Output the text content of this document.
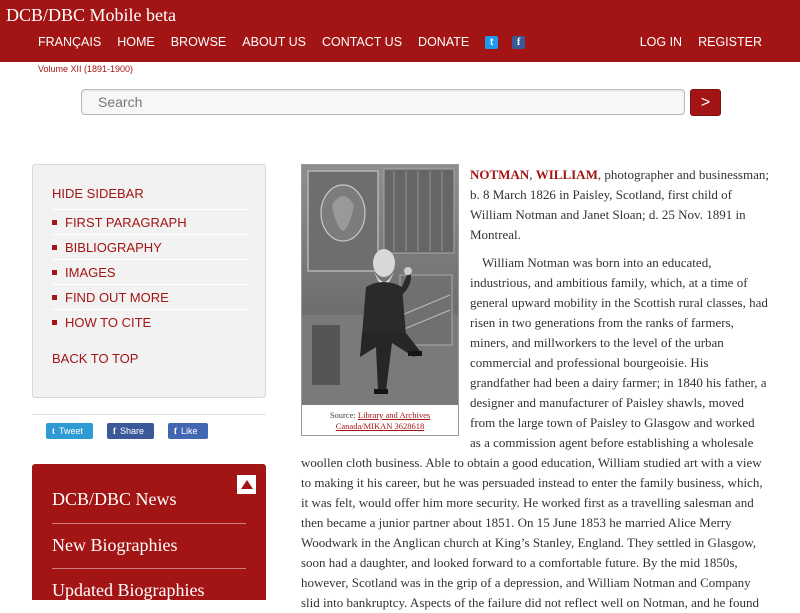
DCB/DBC Mobile beta
FRANÇAIS HOME BROWSE ABOUT US CONTACT US DONATE	t	f	LOG IN REGISTER
Volume XII (1891-1900)
Search
>
HIDE SIDEBAR
FIRST PARAGRAPH
BIBLIOGRAPHY
IMAGES
FIND OUT MORE
HOW TO CITE
BACK TO TOP
t Tweet	f Share	f Like
DCB/DBC News
New Biographies
Updated Biographies
Source: Library and Archives
Canada/MIKAN 3628618
NOTMAN, WILLIAM, photographer and businessman;
b. 8 March 1826 in Paisley, Scotland, first child of
William Notman and Janet Sloan; d. 25 Nov. 1891 in
Montreal.
William Notman was born into an educated,
industrious, and ambitious family, which, at a time of
general upward mobility in the Scottish rural classes, had
risen in two generations from the ranks of farmers,
miners, and millworkers to the level of the urban
commercial and professional bourgeoisie. His
grandfather had been a dairy farmer; in 1840 his father, a
designer and manufacturer of Paisley shawls, moved
from the large town of Paisley to Glasgow and worked
as a commission agent before establishing a wholesale
woollen cloth business. Able to obtain a good education, William studied art with a view
to making it his career, but he was persuaded instead to enter the family business, which,
it was felt, would offer him more security. He worked first as a travelling salesman and
then became a junior partner about 1851. On 15 June 1853 he married Alice Merry
Woodwark in the Anglican church at King’s Stanley, England. They settled in Glasgow,
soon had a daughter, and looked forward to a comfortable future. By the mid 1850s,
however, Scotland was in the grip of a depression, and William Notman and Company
slid into bankruptcy. Aspects of the failure did not reflect well on Notman, and he found
